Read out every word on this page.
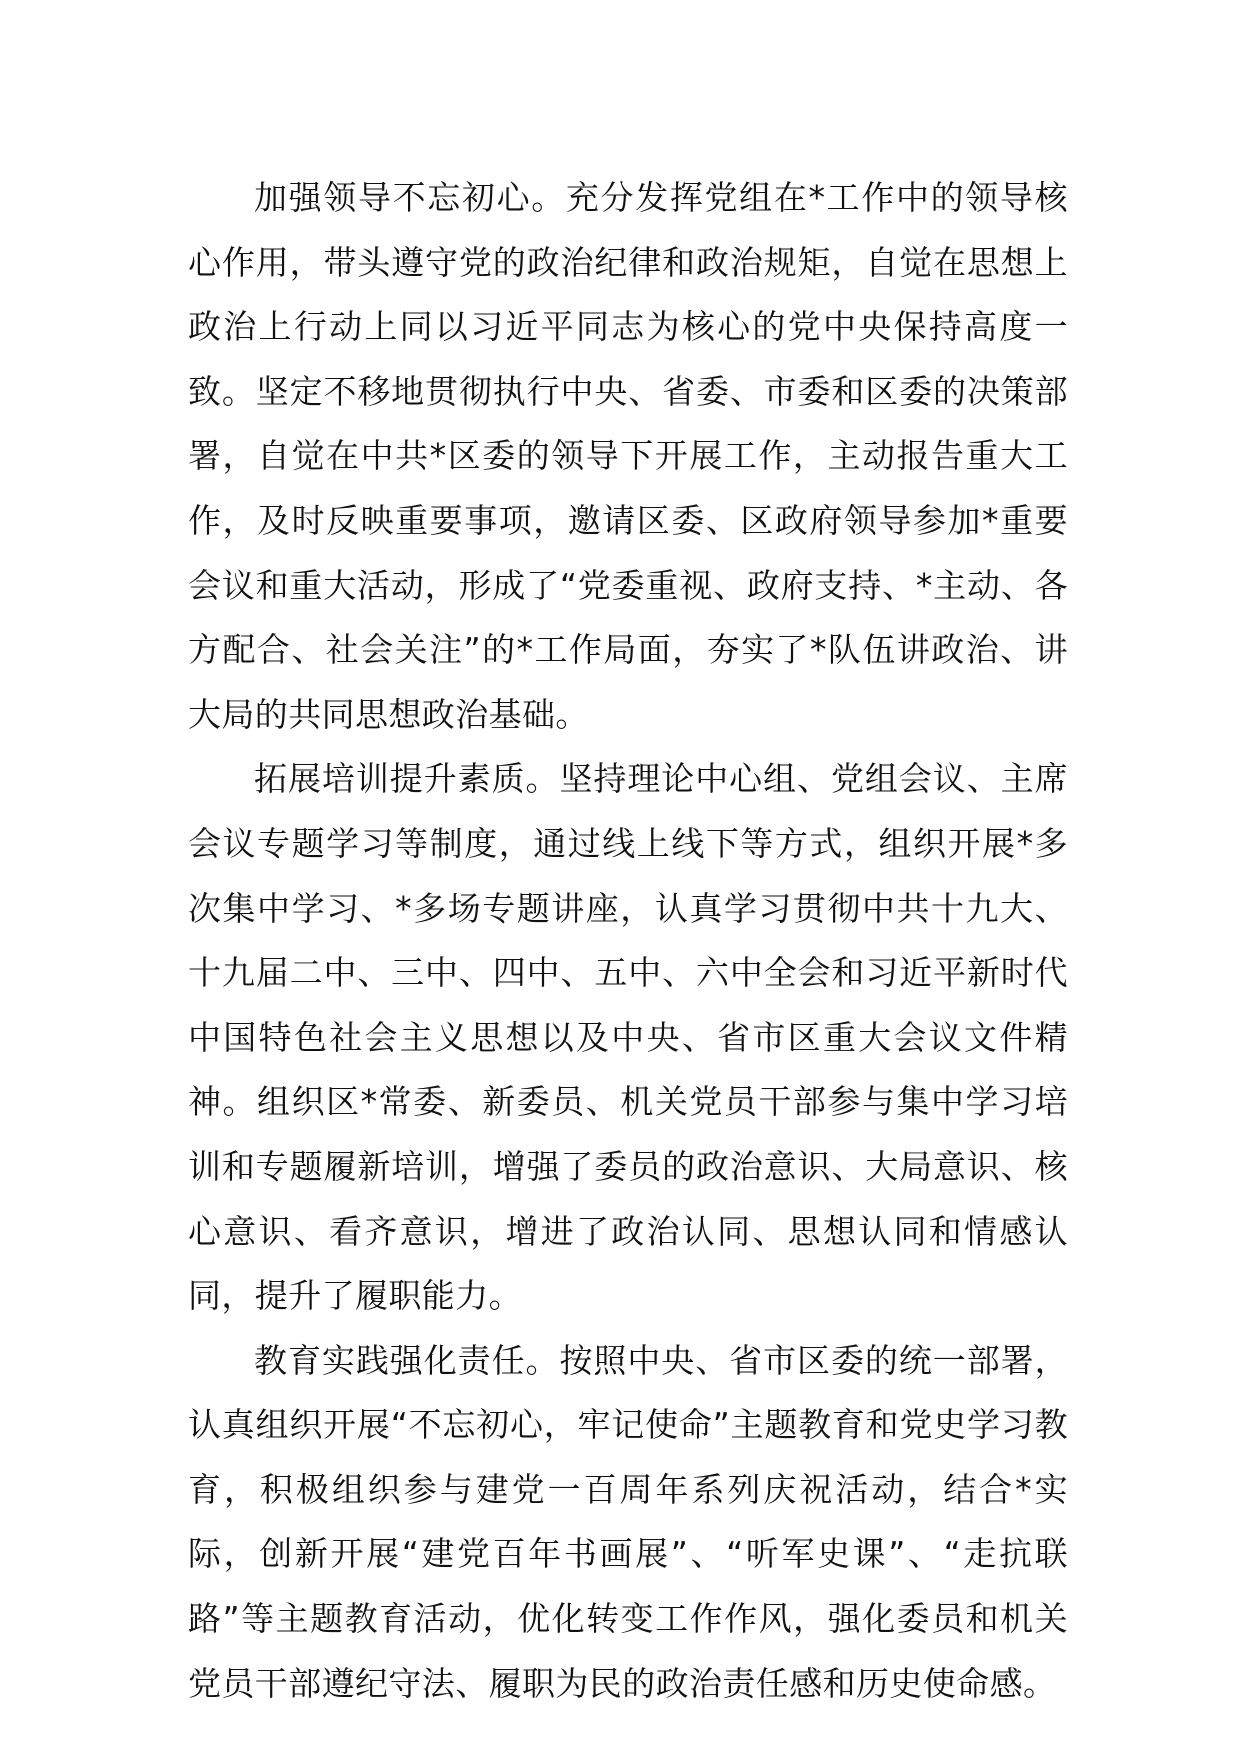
加强领导不忘初心。充分发挥党组在*工作中的领导核心作用，带头遵守党的政治纪律和政治规矩，自觉在思想上政治上行动上同以习近平同志为核心的党中央保持高度一致。坚定不移地贯彻执行中央、省委、市委和区委的决策部署，自觉在中共*区委的领导下开展工作，主动报告重大工作，及时反映重要事项，邀请区委、区政府领导参加*重要会议和重大活动，形成了“党委重视、政府支持、*主动、各方配合、社会关注”的*工作局面，夯实了*队伍讲政治、讲大局的共同思想政治基础。

拓展培训提升素质。坚持理论中心组、党组会议、主席会议专题学习等制度，通过线上线下等方式，组织开展*多次集中学习、*多场专题讲座，认真学习贯彻中共十九大、十九届二中、三中、四中、五中、六中全会和习近平新时代中国特色社会主义思想以及中央、省市区重大会议文件精神。组织区*常委、新委员、机关党员干部参与集中学习培训和专题履新培训，增强了委员的政治意识、大局意识、核心意识、看齐意识，增进了政治认同、思想认同和情感认同，提升了履职能力。

教育实践强化责任。按照中央、省市区委的统一部署，认真组织开展“不忘初心，牢记使命”主题教育和党史学习教育，积极组织参与建党一百周年系列庆祝活动，结合*实际，创新开展“建党百年书画展”、“听军史课”、“走抗联路”等主题教育活动，优化转变工作作风，强化委员和机关党员干部遵纪守法、履职为民的政治责任感和历史使命感。
